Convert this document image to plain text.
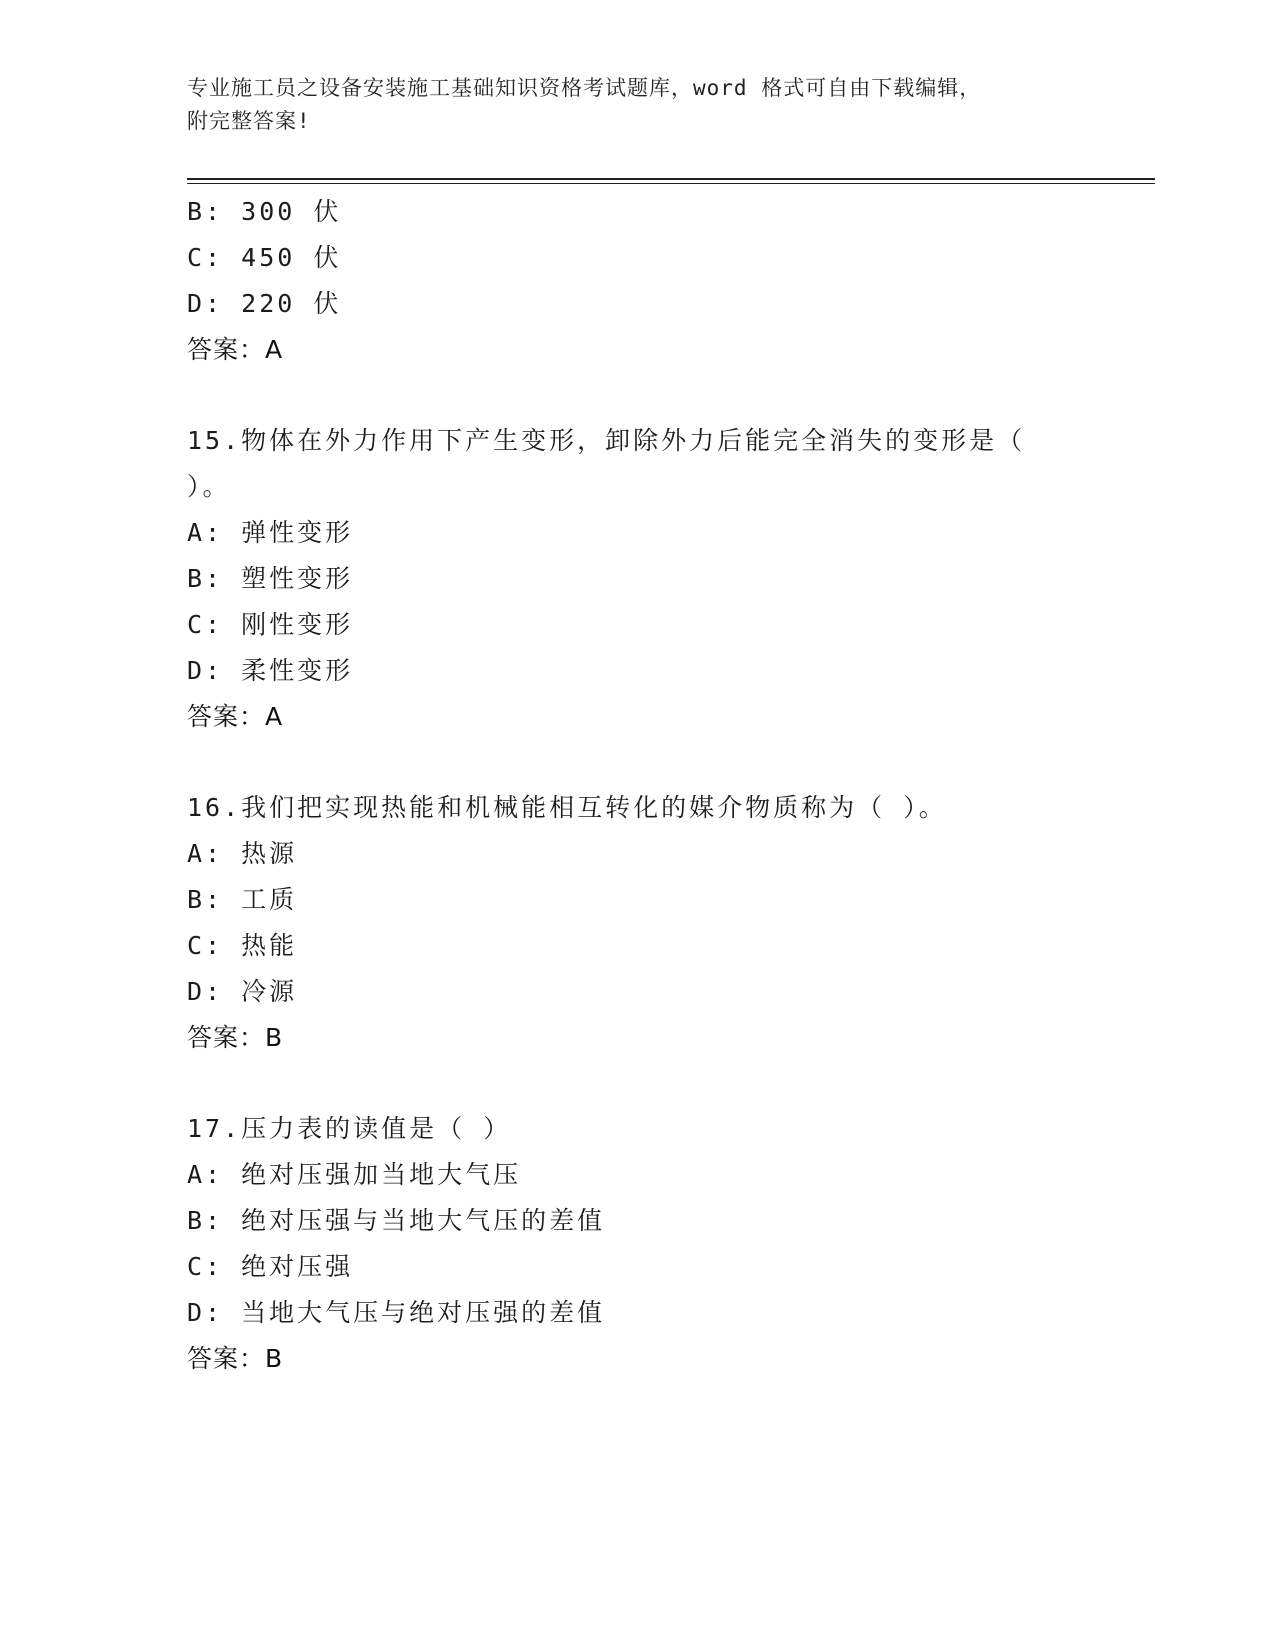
专业施工员之设备安装施工基础知识资格考试题库，word 格式可自由下载编辑，
附完整答案!
B: 300 伏
C: 450 伏
D: 220 伏
答案：A
15.物体在外力作用下产生变形，卸除外力后能完全消失的变形是（
）。
A: 弹性变形
B: 塑性变形
C: 刚性变形
D: 柔性变形
答案：A
16.我们把实现热能和机械能相互转化的媒介物质称为（ ）。
A: 热源
B: 工质
C: 热能
D: 冷源
答案：B
17.压力表的读值是（ ）
A: 绝对压强加当地大气压
B: 绝对压强与当地大气压的差值
C: 绝对压强
D: 当地大气压与绝对压强的差值
答案：B
